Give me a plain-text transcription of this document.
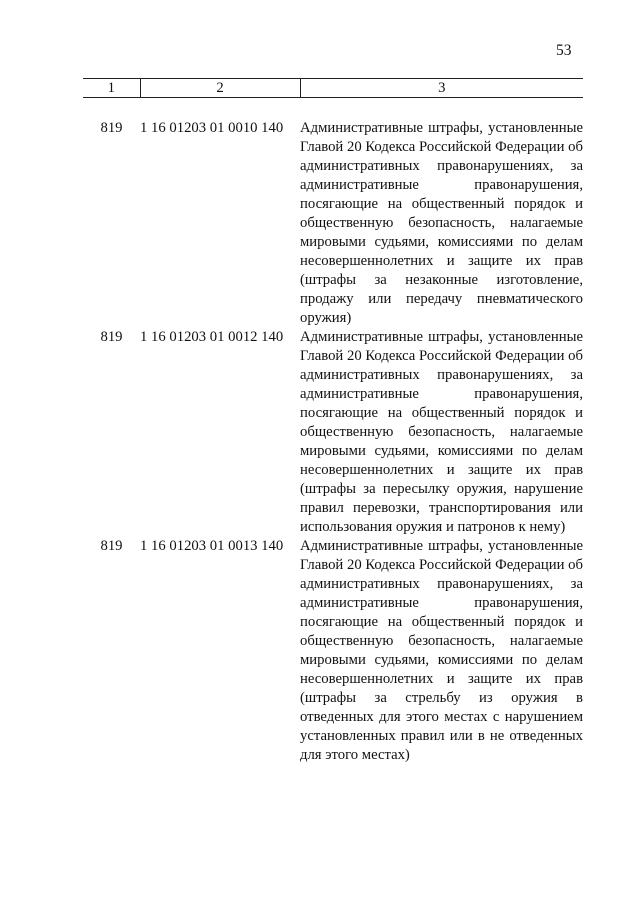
53
1	2	3
819	1 16 01203 01 0010 140	Административные штрафы, установленные Главой 20 Кодекса Российской Федерации об административных правонарушениях, за административные правонарушения, посягающие на общественный порядок и общественную безопасность, налагаемые мировыми судьями, комиссиями по делам несовершеннолетних и защите их прав (штрафы за незаконные изготовление, продажу или передачу пневматического оружия)
819	1 16 01203 01 0012 140	Административные штрафы, установленные Главой 20 Кодекса Российской Федерации об административных правонарушениях, за административные правонарушения, посягающие на общественный порядок и общественную безопасность, налагаемые мировыми судьями, комиссиями по делам несовершеннолетних и защите их прав (штрафы за пересылку оружия, нарушение правил перевозки, транспортирования или использования оружия и патронов к нему)
819	1 16 01203 01 0013 140	Административные штрафы, установленные Главой 20 Кодекса Российской Федерации об административных правонарушениях, за административные правонарушения, посягающие на общественный порядок и общественную безопасность, налагаемые мировыми судьями, комиссиями по делам несовершеннолетних и защите их прав (штрафы за стрельбу из оружия в отведенных для этого местах с нарушением установленных правил или в не отведенных для этого местах)
